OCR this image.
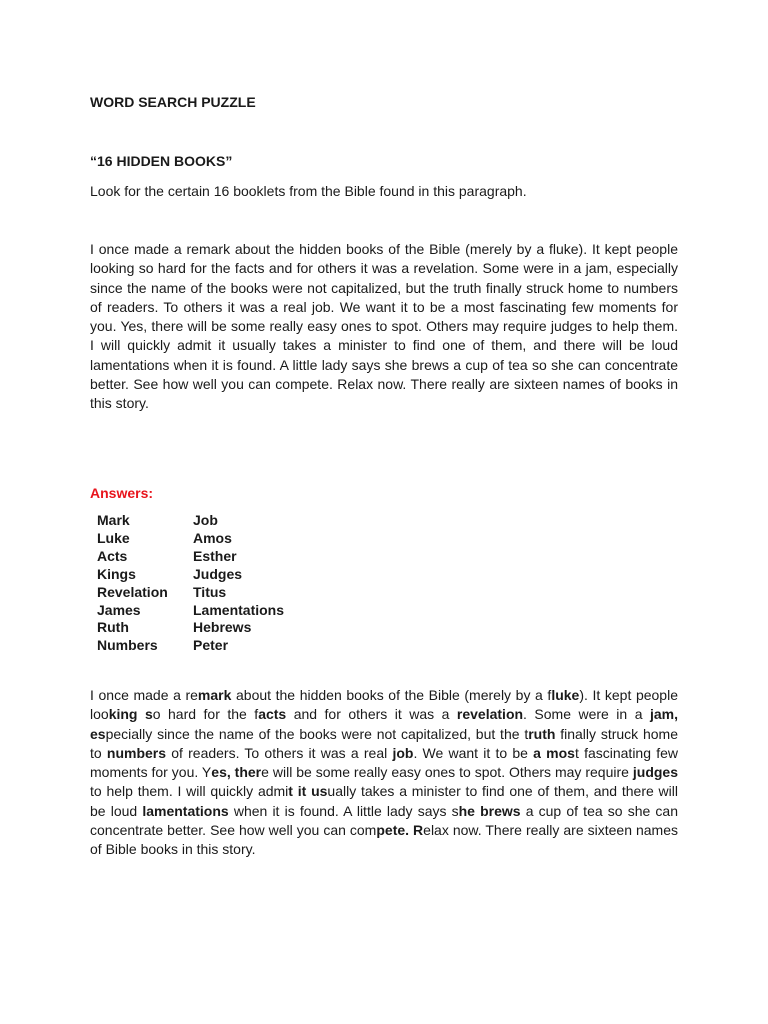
WORD SEARCH PUZZLE
“16 HIDDEN BOOKS”
Look for the certain 16 booklets from the Bible found in this paragraph.
I once made a remark about the hidden books of the Bible (merely by a fluke). It kept people looking so hard for the facts and for others it was a revelation. Some were in a jam, especially since the name of the books were not capitalized, but the truth finally struck home to numbers of readers. To others it was a real job. We want it to be a most fascinating few moments for you. Yes, there will be some really easy ones to spot. Others may require judges to help them. I will quickly admit it usually takes a minister to find one of them, and there will be loud lamentations when it is found. A little lady says she brews a cup of tea so she can concentrate better. See how well you can compete. Relax now. There really are sixteen names of books in this story.
Answers:
Mark
Luke
Acts
Kings
Revelation
James
Ruth
Numbers
Job
Amos
Esther
Judges
Titus
Lamentations
Hebrews
Peter
I once made a remark about the hidden books of the Bible (merely by a fluke). It kept people looking so hard for the facts and for others it was a revelation. Some were in a jam, especially since the name of the books were not capitalized, but the truth finally struck home to numbers of readers. To others it was a real job. We want it to be a most fascinating few moments for you. Yes, there will be some really easy ones to spot. Others may require judges to help them. I will quickly admit it usually takes a minister to find one of them, and there will be loud lamentations when it is found. A little lady says she brews a cup of tea so she can concentrate better. See how well you can compete. Relax now. There really are sixteen names of Bible books in this story.
